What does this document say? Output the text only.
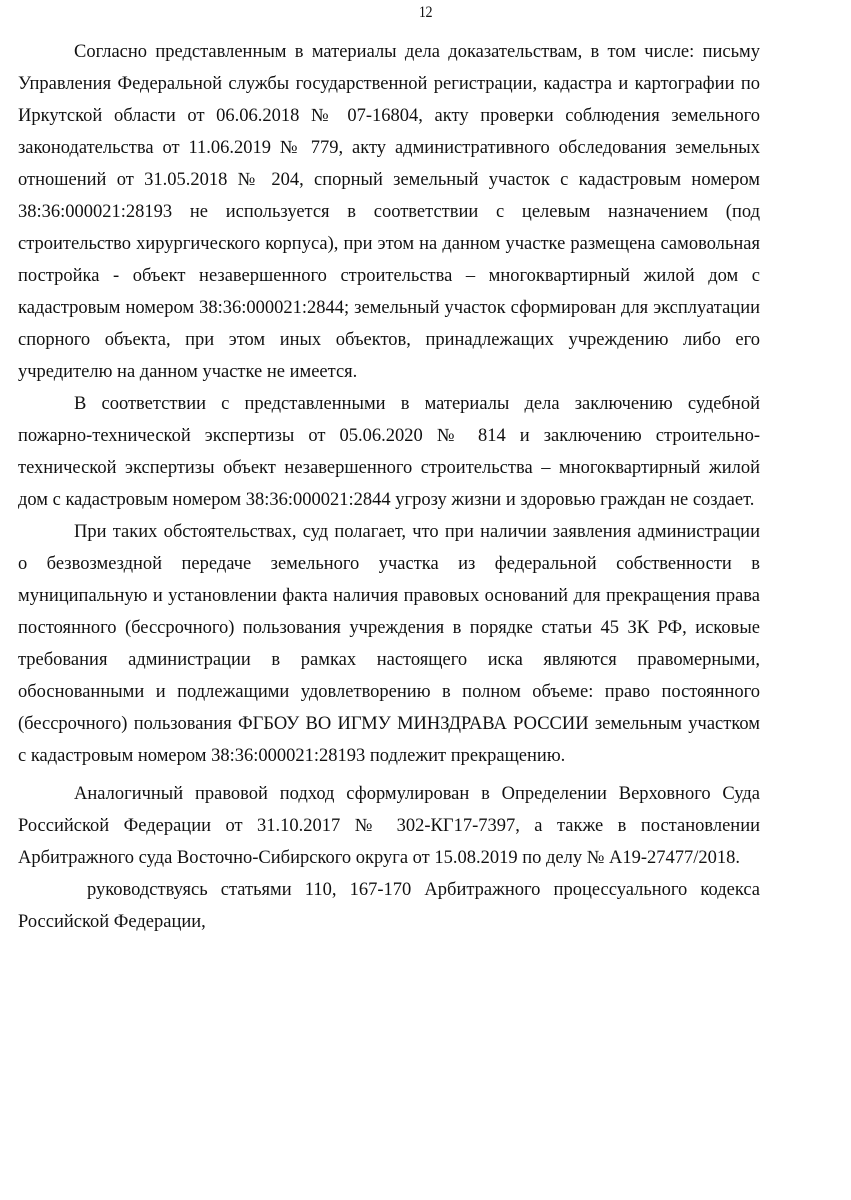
12
Согласно представленным в материалы дела доказательствам, в том числе: письму
Управления Федеральной службы государственной регистрации, кадастра и картографии по
Иркутской области от 06.06.2018 № 07-16804, акту проверки соблюдения земельного
законодательства от 11.06.2019 № 779, акту административного обследования земельных
отношений от 31.05.2018 № 204, спорный земельный участок с кадастровым номером
38:36:000021:28193 не используется в соответствии с целевым назначением (под
строительство хирургического корпуса), при этом на данном участке размещена самовольная
постройка - объект незавершенного строительства – многоквартирный жилой дом с
кадастровым номером 38:36:000021:2844; земельный участок сформирован для эксплуатации
спорного объекта, при этом иных объектов, принадлежащих учреждению либо его
учредителю на данном участке не имеется.
В соответствии с представленными в материалы дела заключению судебной
пожарно-технической экспертизы от 05.06.2020 № 814 и заключению строительно-
технической экспертизы объект незавершенного строительства – многоквартирный жилой
дом с кадастровым номером 38:36:000021:2844 угрозу жизни и здоровью граждан не создает.
При таких обстоятельствах, суд полагает, что при наличии заявления администрации
о безвозмездной передаче земельного участка из федеральной собственности в
муниципальную и установлении факта наличия правовых оснований для прекращения права
постоянного (бессрочного) пользования учреждения в порядке статьи 45 ЗК РФ, исковые
требования администрации в рамках настоящего иска являются правомерными,
обоснованными и подлежащими удовлетворению в полном объеме: право постоянного
(бессрочного) пользования ФГБОУ ВО ИГМУ МИНЗДРАВА РОССИИ земельным участком
с кадастровым номером 38:36:000021:28193 подлежит прекращению.
Аналогичный правовой подход сформулирован в Определении Верховного Суда
Российской Федерации от 31.10.2017 № 302-КГ17-7397, а также в постановлении
Арбитражного суда Восточно-Сибирского округа от 15.08.2019 по делу № А19-27477/2018.
руководствуясь статьями 110, 167-170 Арбитражного процессуального кодекса
Российской Федерации,
